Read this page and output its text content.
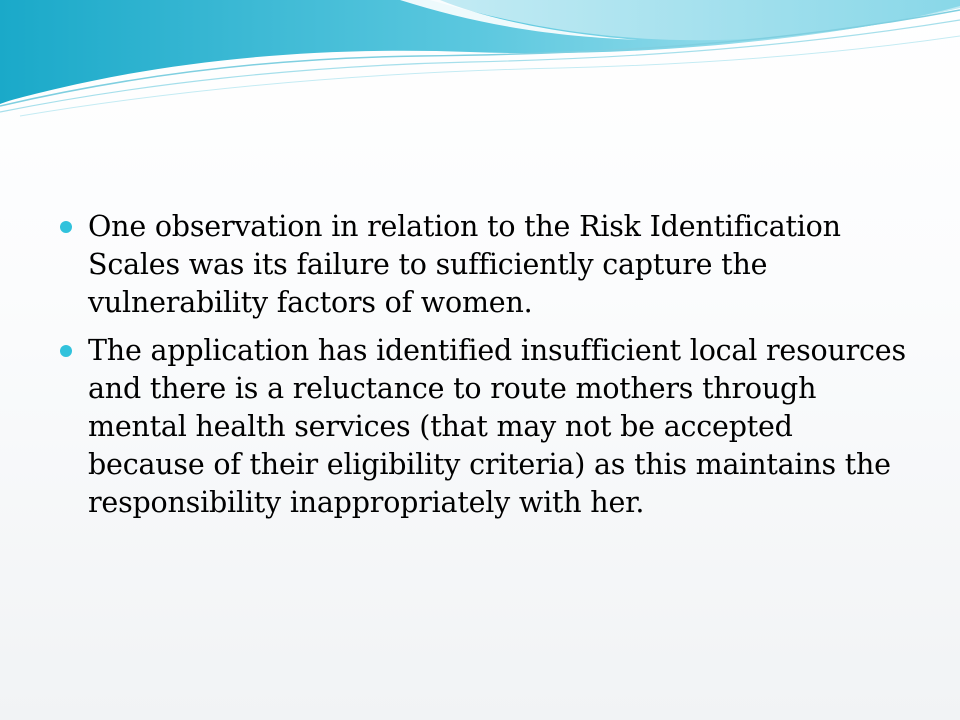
One observation in relation to the Risk Identification Scales was its failure to sufficiently capture the vulnerability factors of women.
The application has identified insufficient local resources and there is a reluctance to route mothers through mental health services (that may not be accepted because of their eligibility criteria) as this maintains the responsibility inappropriately with her.
